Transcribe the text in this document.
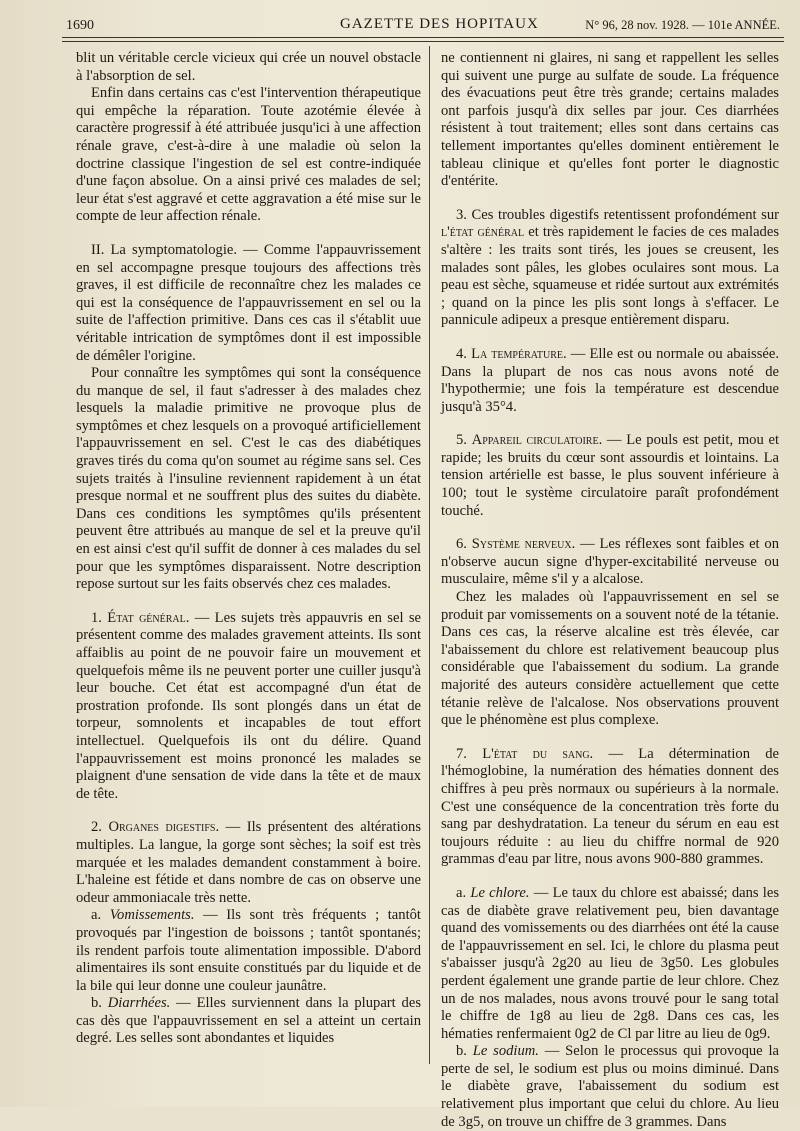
1690	GAZETTE DES HOPITAUX	N° 96, 28 nov. 1928. — 101e ANNÉE.

blit un véritable cercle vicieux qui crée un nouvel obstacle à l'absorption de sel.

Enfin dans certains cas c'est l'intervention thérapeutique qui empêche la réparation. Toute azotémie élevée à caractère progressif à été attribuée jusqu'ici à une affection rénale grave, c'est-à-dire à une maladie où selon la doctrine classique l'ingestion de sel est contre-indiquée d'une façon absolue. On a ainsi privé ces malades de sel; leur état s'est aggravé et cette aggravation a été mise sur le compte de leur affection rénale.

II. La symptomatologie. — Comme l'appauvrissement en sel accompagne presque toujours des affections très graves, il est difficile de reconnaître chez les malades ce qui est la conséquence de l'appauvrissement en sel ou la suite de l'affection primitive. Dans ces cas il s'établit uue véritable intrication de symptômes dont il est impossible de démêler l'origine.

Pour connaître les symptômes qui sont la conséquence du manque de sel, il faut s'adresser à des malades chez lesquels la maladie primitive ne provoque plus de symptômes et chez lesquels on a provoqué artificiellement l'appauvrissement en sel. C'est le cas des diabétiques graves tirés du coma qu'on soumet au régime sans sel. Ces sujets traités à l'insuline reviennent rapidement à un état presque normal et ne souffrent plus des suites du diabète. Dans ces conditions les symptômes qu'ils présentent peuvent être attribués au manque de sel et la preuve qu'il en est ainsi c'est qu'il suffit de donner à ces malades du sel pour que les symptômes disparaissent. Notre description repose surtout sur les faits observés chez ces malades.

1. État général. — Les sujets très appauvris en sel se présentent comme des malades gravement atteints. Ils sont affaiblis au point de ne pouvoir faire un mouvement et quelquefois même ils ne peuvent porter une cuiller jusqu'à leur bouche. Cet état est accompagné d'un état de prostration profonde. Ils sont plongés dans un état de torpeur, somnolents et incapables de tout effort intellectuel. Quelquefois ils ont du délire. Quand l'appauvrissement est moins prononcé les malades se plaignent d'une sensation de vide dans la tête et de maux de tête.

2. Organes digestifs. — Ils présentent des altérations multiples. La langue, la gorge sont sèches; la soif est très marquée et les malades demandent constamment à boire. L'haleine est fétide et dans nombre de cas on observe une odeur ammoniacale très nette.

a. Vomissements. — Ils sont très fréquents ; tantôt provoqués par l'ingestion de boissons ; tantôt spontanés; ils rendent parfois toute alimentation impossible. D'abord alimentaires ils sont ensuite constitués par du liquide et de la bile qui leur donne une couleur jaunâtre.

b. Diarrhées. — Elles surviennent dans la plupart des cas dès que l'appauvrissement en sel a atteint un certain degré. Les selles sont abondantes et liquides

ne contiennent ni glaires, ni sang et rappellent les selles qui suivent une purge au sulfate de soude. La fréquence des évacuations peut être très grande; certains malades ont parfois jusqu'à dix selles par jour. Ces diarrhées résistent à tout traitement; elles sont dans certains cas tellement importantes qu'elles dominent entièrement le tableau clinique et qu'elles font porter le diagnostic d'entérite.

3. Ces troubles digestifs retentissent profondément sur l'état général et très rapidement le facies de ces malades s'altère : les traits sont tirés, les joues se creusent, les malades sont pâles, les globes oculaires sont mous. La peau est sèche, squameuse et ridée surtout aux extrémités ; quand on la pince les plis sont longs à s'effacer. Le pannicule adipeux a presque entièrement disparu.

4. La température. — Elle est ou normale ou abaissée. Dans la plupart de nos cas nous avons noté de l'hypothermie; une fois la température est descendue jusqu'à 35°4.

5. Appareil circulatoire. — Le pouls est petit, mou et rapide; les bruits du cœur sont assourdis et lointains. La tension artérielle est basse, le plus souvent inférieure à 100; tout le système circulatoire paraît profondément touché.

6. Système nerveux. — Les réflexes sont faibles et on n'observe aucun signe d'hyper-excitabilité nerveuse ou musculaire, même s'il y a alcalose.

Chez les malades où l'appauvrissement en sel se produit par vomissements on a souvent noté de la tétanie. Dans ces cas, la réserve alcaline est très élevée, car l'abaissement du chlore est relativement beaucoup plus considérable que l'abaissement du sodium. La grande majorité des auteurs considère actuellement que cette tétanie relève de l'alcalose. Nos observations prouvent que le phénomène est plus complexe.

7. L'état du sang. — La détermination de l'hémoglobine, la numération des hématies donnent des chiffres à peu près normaux ou supérieurs à la normale. C'est une conséquence de la concentration très forte du sang par deshydratation. La teneur du sérum en eau est toujours réduite : au lieu du chiffre normal de 920 grammas d'eau par litre, nous avons 900-880 grammes.

a. Le chlore. — Le taux du chlore est abaissé; dans les cas de diabète grave relativement peu, bien davantage quand des vomissements ou des diarrhées ont été la cause de l'appauvrissement en sel. Ici, le chlore du plasma peut s'abaisser jusqu'à 2g20 au lieu de 3g50. Les globules perdent également une grande partie de leur chlore. Chez un de nos malades, nous avons trouvé pour le sang total le chiffre de 1g8 au lieu de 2g8. Dans ces cas, les hématies renfermaient 0g2 de Cl par litre au lieu de 0g9.

b. Le sodium. — Selon le processus qui provoque la perte de sel, le sodium est plus ou moins diminué. Dans le diabète grave, l'abaissement du sodium est relativement plus important que celui du chlore. Au lieu de 3g5, on trouve un chiffre de 3 grammes. Dans
